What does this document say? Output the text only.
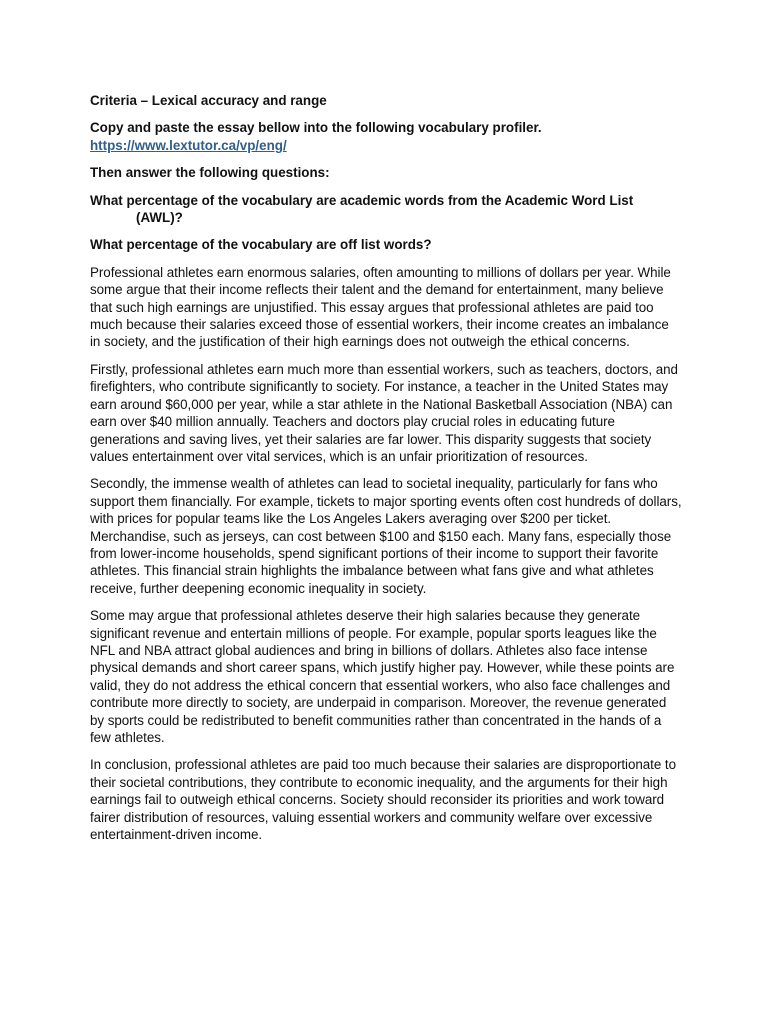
Criteria – Lexical accuracy and range
Copy and paste the essay bellow into the following vocabulary profiler.
https://www.lextutor.ca/vp/eng/
Then answer the following questions:
What percentage of the vocabulary are academic words from the Academic Word List
(AWL)?
What percentage of the vocabulary are off list words?

Professional athletes earn enormous salaries, often amounting to millions of dollars per year. While some argue that their income reflects their talent and the demand for entertainment, many believe that such high earnings are unjustified. This essay argues that professional athletes are paid too much because their salaries exceed those of essential workers, their income creates an imbalance in society, and the justification of their high earnings does not outweigh the ethical concerns.

Firstly, professional athletes earn much more than essential workers, such as teachers, doctors, and firefighters, who contribute significantly to society. For instance, a teacher in the United States may earn around $60,000 per year, while a star athlete in the National Basketball Association (NBA) can earn over $40 million annually. Teachers and doctors play crucial roles in educating future generations and saving lives, yet their salaries are far lower. This disparity suggests that society values entertainment over vital services, which is an unfair prioritization of resources.

Secondly, the immense wealth of athletes can lead to societal inequality, particularly for fans who support them financially. For example, tickets to major sporting events often cost hundreds of dollars, with prices for popular teams like the Los Angeles Lakers averaging over $200 per ticket. Merchandise, such as jerseys, can cost between $100 and $150 each. Many fans, especially those from lower-income households, spend significant portions of their income to support their favorite athletes. This financial strain highlights the imbalance between what fans give and what athletes receive, further deepening economic inequality in society.

Some may argue that professional athletes deserve their high salaries because they generate significant revenue and entertain millions of people. For example, popular sports leagues like the NFL and NBA attract global audiences and bring in billions of dollars. Athletes also face intense physical demands and short career spans, which justify higher pay. However, while these points are valid, they do not address the ethical concern that essential workers, who also face challenges and contribute more directly to society, are underpaid in comparison. Moreover, the revenue generated by sports could be redistributed to benefit communities rather than concentrated in the hands of a few athletes.

In conclusion, professional athletes are paid too much because their salaries are disproportionate to their societal contributions, they contribute to economic inequality, and the arguments for their high earnings fail to outweigh ethical concerns. Society should reconsider its priorities and work toward fairer distribution of resources, valuing essential workers and community welfare over excessive entertainment-driven income.
